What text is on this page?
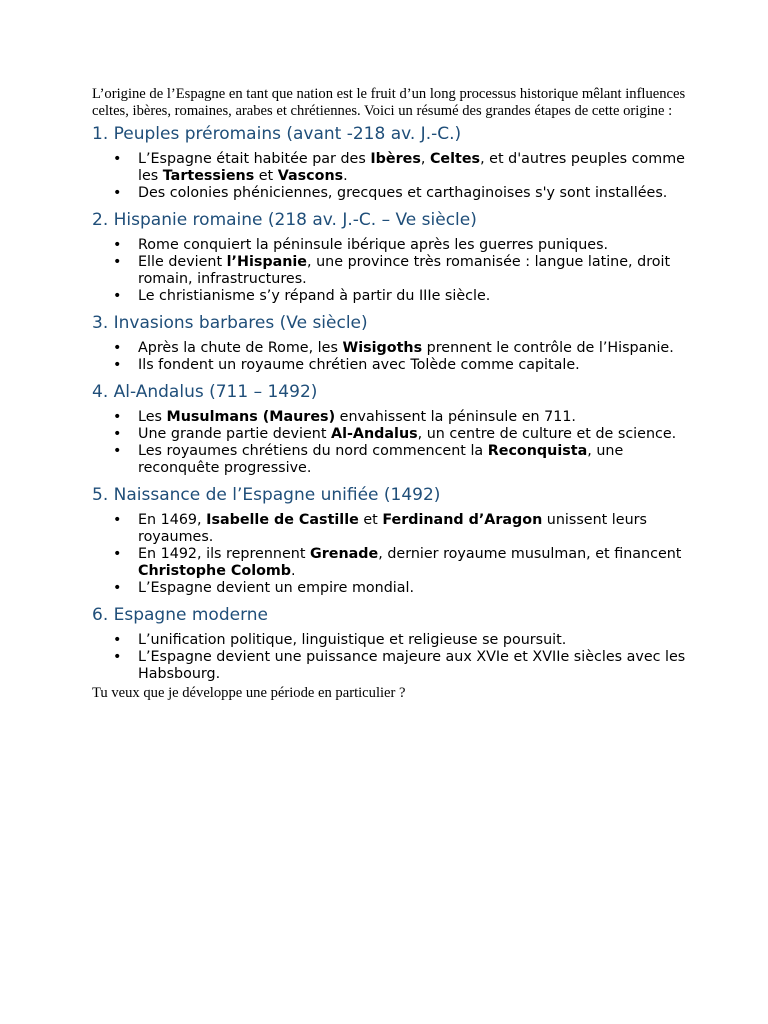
L’origine de l’Espagne en tant que nation est le fruit d’un long processus historique mêlant influences celtes, ibères, romaines, arabes et chrétiennes. Voici un résumé des grandes étapes de cette origine :

1. Peuples préromains (avant -218 av. J.-C.)
• L’Espagne était habitée par des Ibères, Celtes, et d'autres peuples comme les Tartessiens et Vascons.
• Des colonies phéniciennes, grecques et carthaginoises s'y sont installées.
2. Hispanie romaine (218 av. J.-C. – Ve siècle)
• Rome conquiert la péninsule ibérique après les guerres puniques.
• Elle devient l’Hispanie, une province très romanisée : langue latine, droit romain, infrastructures.
• Le christianisme s’y répand à partir du IIIe siècle.
3. Invasions barbares (Ve siècle)
• Après la chute de Rome, les Wisigoths prennent le contrôle de l’Hispanie.
• Ils fondent un royaume chrétien avec Tolède comme capitale.
4. Al-Andalus (711 – 1492)
• Les Musulmans (Maures) envahissent la péninsule en 711.
• Une grande partie devient Al-Andalus, un centre de culture et de science.
• Les royaumes chrétiens du nord commencent la Reconquista, une reconquête progressive.
5. Naissance de l’Espagne unifiée (1492)
• En 1469, Isabelle de Castille et Ferdinand d’Aragon unissent leurs royaumes.
• En 1492, ils reprennent Grenade, dernier royaume musulman, et financent Christophe Colomb.
• L’Espagne devient un empire mondial.
6. Espagne moderne
• L’unification politique, linguistique et religieuse se poursuit.
• L’Espagne devient une puissance majeure aux XVIe et XVIIe siècles avec les Habsbourg.

Tu veux que je développe une période en particulier ?
